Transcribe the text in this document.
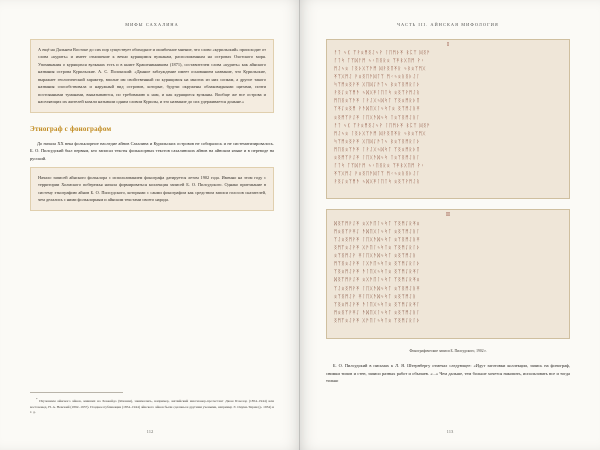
МИФЫ САХАЛИНА

А ещё на Дальнем Востоке до сих пор существует обиходное и ошибочное мнение, что слово «курильский» происходит от слова «курить» и имеет отношение к вечно курящимся вулканам, расположенным на островах Охотского моря. Упоминания о курящихся вулканах есть и в книге Крашенинникова (1871), составителем слова «курить» как айнского названия острова Курильские. А. С. Полонский: «Данное заблуждение имеет основанием название, что Курильские, выражает геологический характер, вполне им свойственный по курящимся на многих из них сопкам, а другое такого названия способствовала и наружный вид островов, которые, будучи окружены облаковидными щитами, почти постоянными туманами, выказываются, по требованию к нам, и как курящиеся вулканы. Вообще же все острова и населяющих их жителей казали называли одним словом Курилы, и это название до сих удерживается доныне.»

Этнограф с фонографом

До начала XX века фольклорное наследие айнов Сахалина и Курильских островов не собиралось и не систематизировалось. Б. О. Пилсудский был первым, кто записал тексты фольклорных текстов сахалинских айнов на айнском языке и в переводе на русский.

Начало записей айнского фольклора с использованием фонографа датируется летом 1902 года. Именно на этом году с территории Холмского побережья начала формироваться коллекция записей Б. О. Пилсудского. Однако приезжание в систему этнографию айнов Б. О. Пилсудского, которыми с санми фонографом как средством записи голосов сказателей, чем делались с ними фольклорным и айнским текстами своего народа.

* Изучением айнского айнов, живших на Хоккайдо (Японии), занимались, например, английский миссионер-протестант Джон Бэчелор (1854–1944) или востоковед, Н. А. Невский (1892–1937). Позднее публикации (1854–1944) айнского айнов были сделаны и другими учеными, например Э. Онуки-Тирни (р. 1934) и т. д.
112
ЧАСТЬ III. АЙНСКАЯ МИФОЛОГИЯ
I
ᚠᛏ ᛃᛕ ᛉᚹᛟᛗᛝᛇᛃᚹ ᛚᛖᛗᚦᛡ ᛒᛈᛉ ᛞᛝᚫ
ᚴᛏᛋ ᛏᛉᛞᚨᛗ ᛃᚲᛖᛝᚱᛟ ᛉᛡᛒᚷᛖᛗ ᚹᚲ
ᛗᛇᛃᛟ ᛚᛝᚦᚷᛉᚫᛗ ᛞᚹᛝᛖᛡᚱ ᛃᛒᛟᛉᛗᚷ
ᛡᛉᚷᛗᛇ ᚹᛟᛝᛖᚫᛞᛏᛉ ᛗᚲᛃᛟᚱᛝᚦᛇᛚ
ᛋᛉᛗᛟᛝᚹᛡ ᚷᛖᛞᛇᚫᛏᛃ ᛒᛟᛉᛝᛗᚱᛚᚦ
ᚹᛝᛇᛟᛉᛗᚫ ᛃᛞᚷᛡᛚᛖᛏᛋ ᛟᛝᛉᚹᛗᛇᚱ
ᛗᛖᛝᛟᛉᚫᛡ ᛚᚹᛇᚷᛃᛞᛋᛏ ᛉᛝᛟᛗᚱᚦᛖ
ᛉᛡᛇᛟᛝᛗ ᚹᚫᛞᛖᚷᛚᛃᛋᛏᛟ ᛝᛉᛗᛇᚱᛡ
ᛟᛝᛗᛉᚹᛇᛡ ᛚᛖᚷᚫᛞᛃᛋ ᛏᛟᛉᛝᛗᛇᚱᛚ
ᚠᛏ ᛃᛕ ᛉᚹᛟᛗᛝᛇᛃᚹ ᛚᛖᛗᚦᛡ ᛒᛈᛉ ᛞᛝᚫ
ᛗᛇᛃᛟ ᛚᛝᚦᚷᛉᚫᛗ ᛞᚹᛝᛖᛡᚱ ᛃᛒᛟᛉᛗᚷ
ᛋᛉᛗᛟᛝᚹᛡ ᚷᛖᛞᛇᚫᛏᛃ ᛒᛟᛉᛝᛗᚱᛚᚦ
ᛗᛖᛝᛟᛉᚫᛡ ᛚᚹᛇᚷᛃᛞᛋᛏ ᛉᛝᛟᛗᚱᚦᛖ
ᛟᛝᛗᛉᚹᛇᛡ ᛚᛖᚷᚫᛞᛃᛋ ᛏᛟᛉᛝᛗᛇᚱᛚ
ᚴᛏᛋ ᛏᛉᛞᚨᛗ ᛃᚲᛖᛝᚱᛟ ᛉᛡᛒᚷᛖᛗ ᚹᚲ
ᛡᛉᚷᛗᛇ ᚹᛟᛝᛖᚫᛞᛏᛉ ᛗᚲᛃᛟᚱᛝᚦᛇᛚ
ᚹᛝᛇᛟᛉᛗᚫ ᛃᛞᚷᛡᛚᛖᛏᛋ ᛟᛝᛉᚹᛗᛇᚱ
II
ᛞᛝᛉᛗᚹᛇᛡ ᛟᚷᚫᛖᛚᛃᛋᛏ ᛉᛝᛗᛇᚱᛡᛟ
ᛗᛟᛝᛉᚹᛡᛇ ᚫᛞᛖᚷᛚᛃᛋᛏ ᛟᛝᛉᛗᛇᚱᛚ
ᛉᛇᛟᛝᛗᚹᛡ ᛚᛖᚷᚫᛞᛃᛋᛏ ᛟᛉᛝᛗᛇᚱᛡ
ᛝᛗᛉᛟᛇᚹᛡ ᚷᚫᛖᛚᛃᛋᛏᛟ ᛉᛝᛗᛇᚱᛚᚦ
ᛟᛉᛝᛗᛇᚹ ᛡᛚᛖᚷᚫᛞᛃᛋᛏ ᛟᛝᛉᛗᛇᚱ
ᛗᛉᛝᛟᛇᚹᛡ ᛚᚷᚫᛖᛃᛋᛏᛟ ᛝᛉᛗᛇᚱᛚᚦ
ᛉᛝᛟᛗᛇᚹᛡ ᚫᛚᛖᚷᛃᛋᛏᛟ ᛝᛉᛗᛇᚱᛡᛚ
ᛞᛝᛉᛗᚹᛇᛡ ᛟᚷᚫᛖᛚᛃᛋᛏ ᛉᛝᛗᛇᚱᛡᛟ
ᛉᛇᛟᛝᛗᚹᛡ ᛚᛖᚷᚫᛞᛃᛋᛏ ᛟᛉᛝᛗᛇᚱᛡ
ᛟᛉᛝᛗᛇᚹ ᛡᛚᛖᚷᚫᛞᛃᛋᛏ ᛟᛝᛉᛗᛇᚱ
ᛉᛝᛟᛗᛇᚹᛡ ᚫᛚᛖᚷᛃᛋᛏᛟ ᛝᛉᛗᛇᚱᛡᛚ
ᛗᛟᛝᛉᚹᛡᛇ ᚫᛞᛖᚷᛚᛃᛋᛏ ᛟᛝᛉᛗᛇᚱᛚ
ᛝᛗᛉᛟᛇᚹᛡ ᚷᚫᛖᛚᛃᛋᛏᛟ ᛉᛝᛗᛇᚱᛚᚦ
Фонографические записи Б. Пилсудского, 1902 г.

Б. О. Пилсудский в письмах к Л. Я. Штернбергу отмечал следующее: «Идут заготовки коллекции, запись на фонограф, снимки типов и стен, записи разных работ и обычаев. «...» Чем дальше, тем больше хочется накопить, использовать все и тогда только

113
